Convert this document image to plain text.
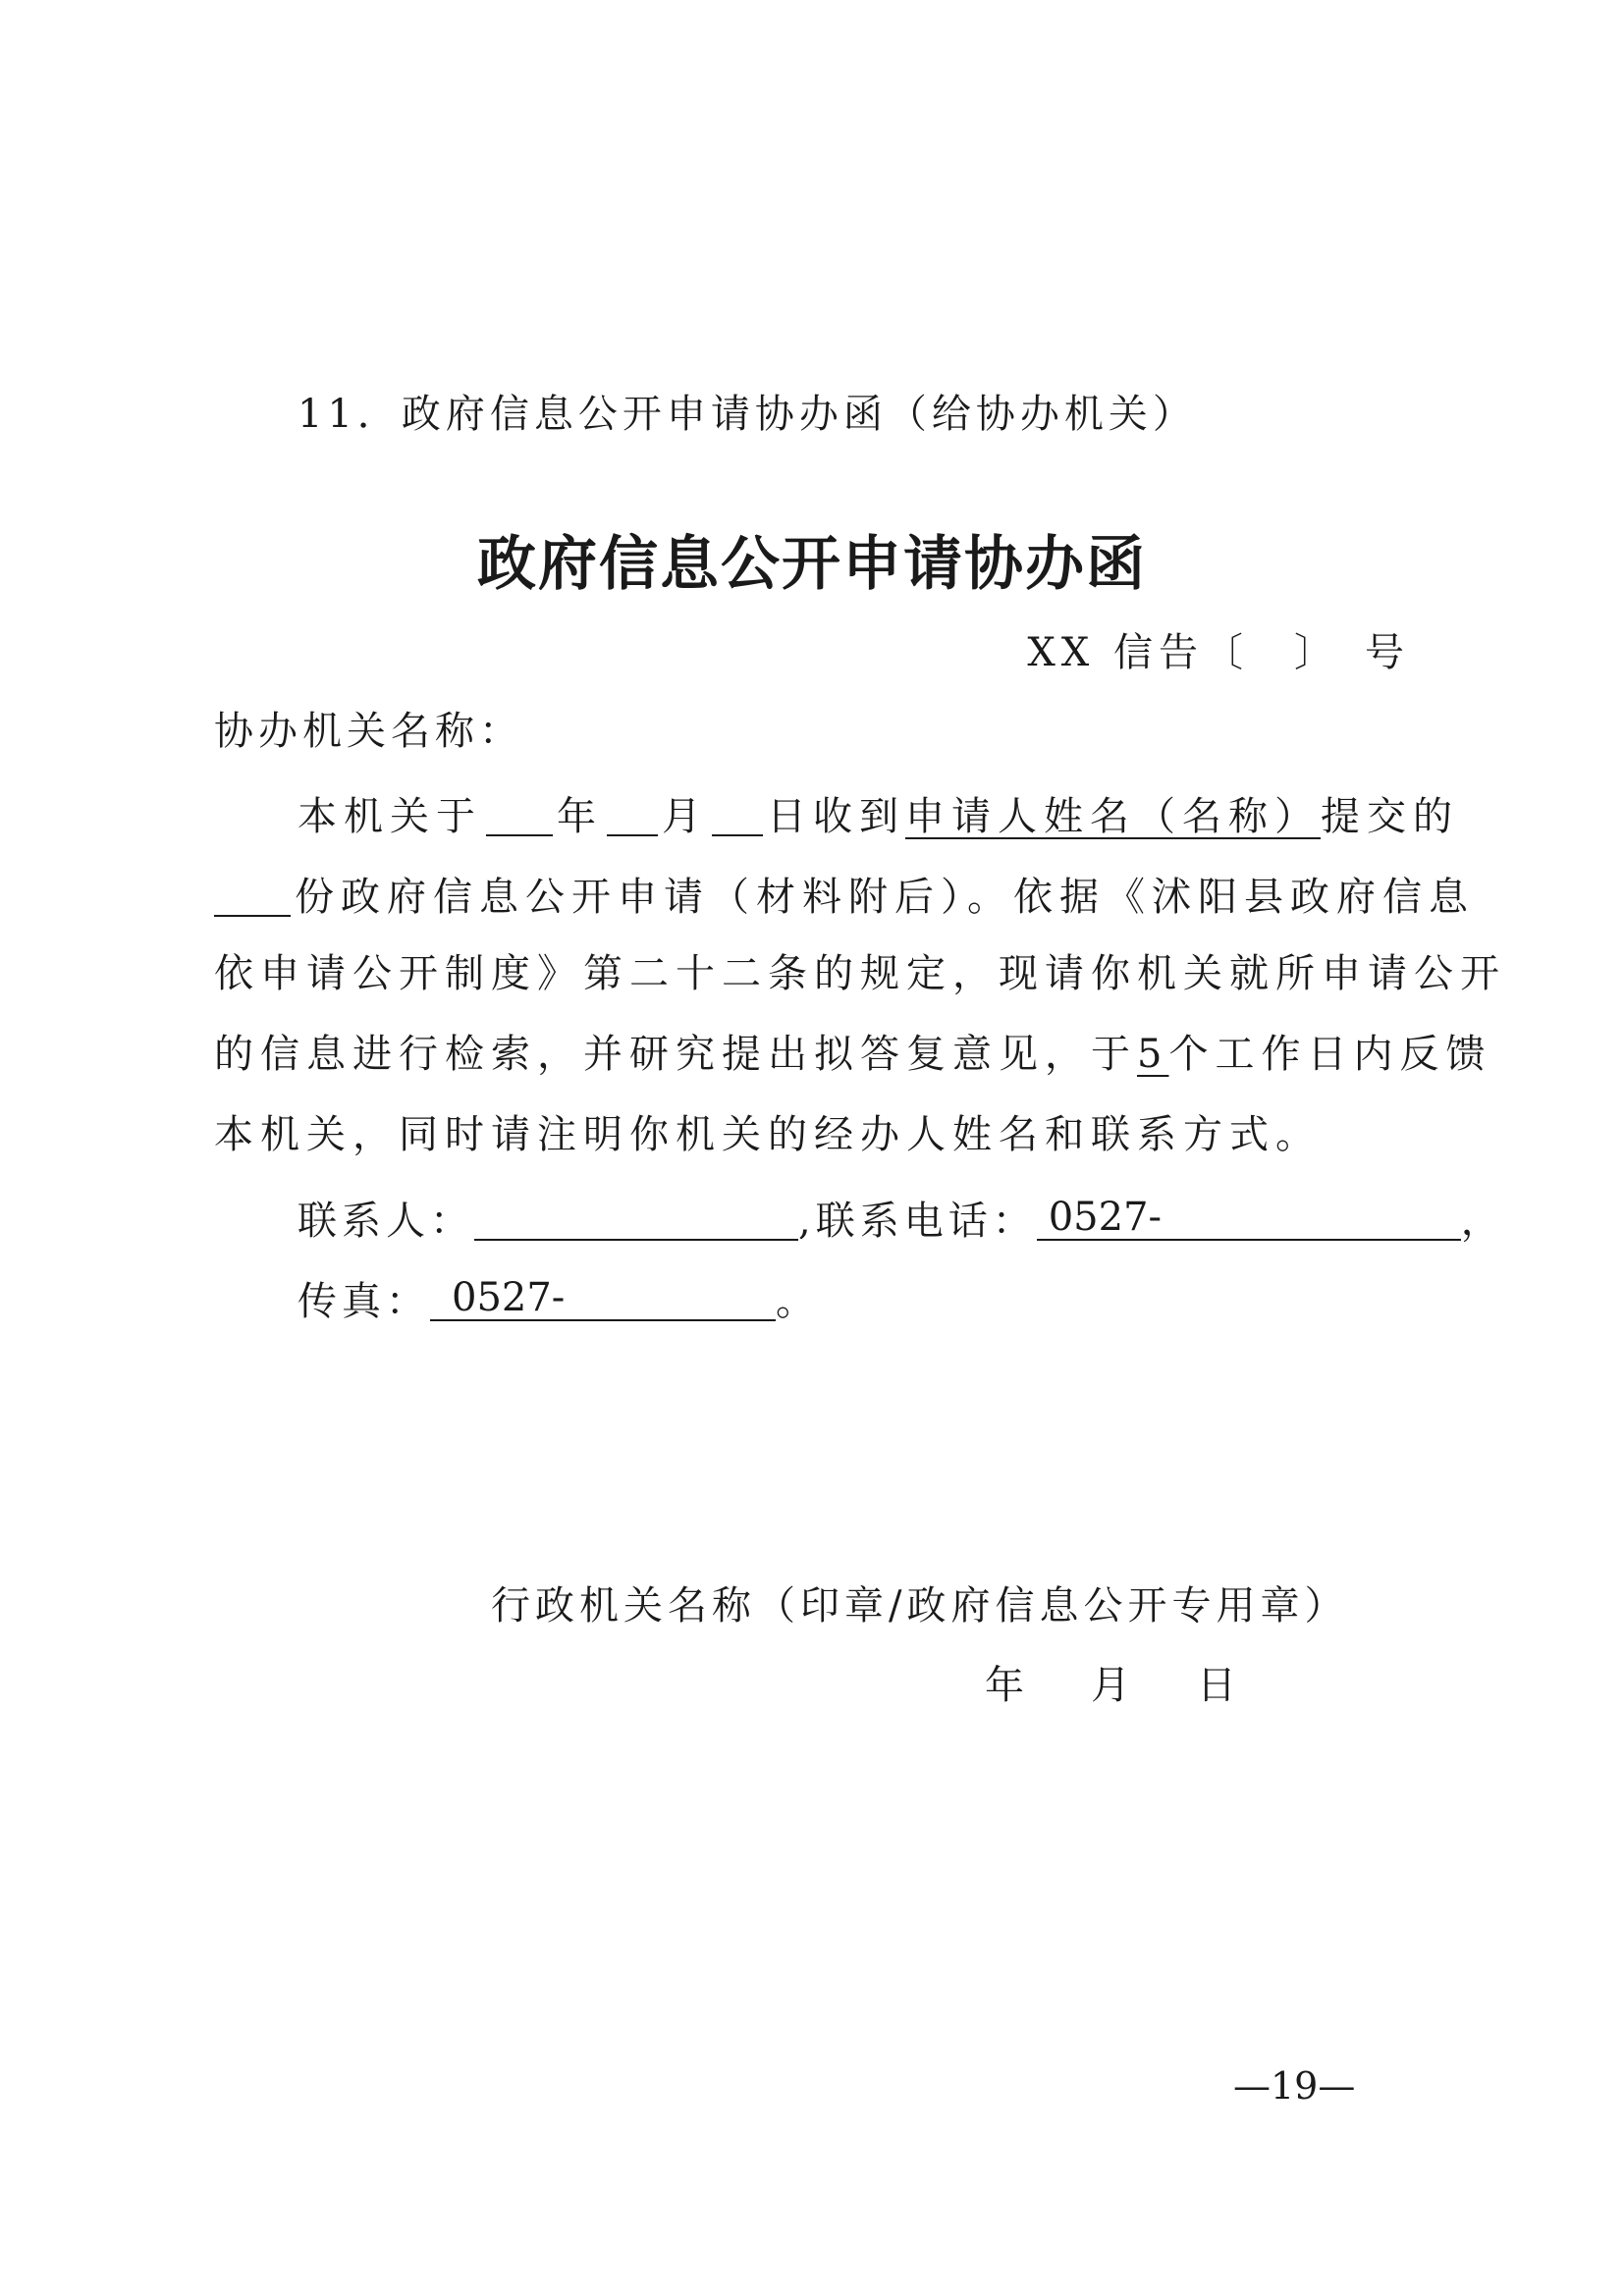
11．政府信息公开申请协办函（给协办机关）
政府信息公开申请协办函
XX 信告〔　〕　号
协办机关名称：
本机关于 年 月 日收到申请人姓名（名称）提交的
份政府信息公开申请（材料附后）。依据《沭阳县政府信息
依申请公开制度》第二十二条的规定，现请你机关就所申请公开
的信息进行检索，并研究提出拟答复意见，于5个工作日内反馈
本机关，同时请注明你机关的经办人姓名和联系方式。
联系人：	,联系电话： 0527-	，
传真： 0527-	。
行政机关名称（印章/政府信息公开专用章）
年 月 日
—19—
